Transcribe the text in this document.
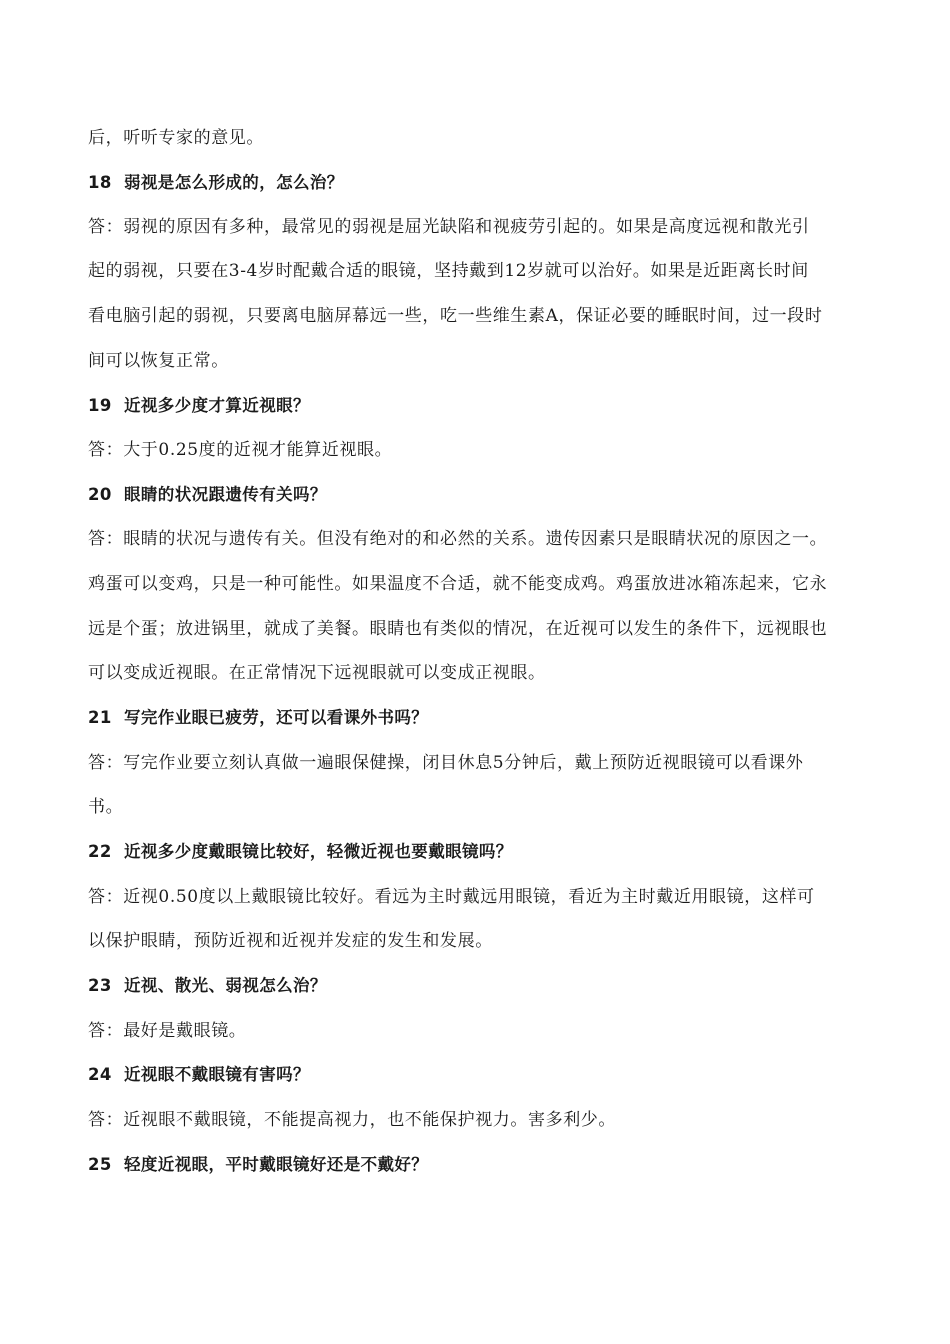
后，听听专家的意见。
18 弱视是怎么形成的，怎么治？
答：弱视的原因有多种，最常见的弱视是屈光缺陷和视疲劳引起的。如果是高度远视和散光引
起的弱视，只要在3-4岁时配戴合适的眼镜，坚持戴到12岁就可以治好。如果是近距离长时间
看电脑引起的弱视，只要离电脑屏幕远一些，吃一些维生素A，保证必要的睡眠时间，过一段时
间可以恢复正常。
19 近视多少度才算近视眼？
答：大于0.25度的近视才能算近视眼。
20 眼睛的状况跟遗传有关吗？
答：眼睛的状况与遗传有关。但没有绝对的和必然的关系。遗传因素只是眼睛状况的原因之一。
鸡蛋可以变鸡，只是一种可能性。如果温度不合适，就不能变成鸡。鸡蛋放进冰箱冻起来，它永
远是个蛋；放进锅里，就成了美餐。眼睛也有类似的情况，在近视可以发生的条件下，远视眼也
可以变成近视眼。在正常情况下远视眼就可以变成正视眼。
21 写完作业眼已疲劳，还可以看课外书吗？
答：写完作业要立刻认真做一遍眼保健操，闭目休息5分钟后，戴上预防近视眼镜可以看课外
书。
22 近视多少度戴眼镜比较好，轻微近视也要戴眼镜吗？
答：近视0.50度以上戴眼镜比较好。看远为主时戴远用眼镜，看近为主时戴近用眼镜，这样可
以保护眼睛，预防近视和近视并发症的发生和发展。
23 近视、散光、弱视怎么治？
答：最好是戴眼镜。
24 近视眼不戴眼镜有害吗？
答：近视眼不戴眼镜，不能提高视力，也不能保护视力。害多利少。
25 轻度近视眼，平时戴眼镜好还是不戴好？
